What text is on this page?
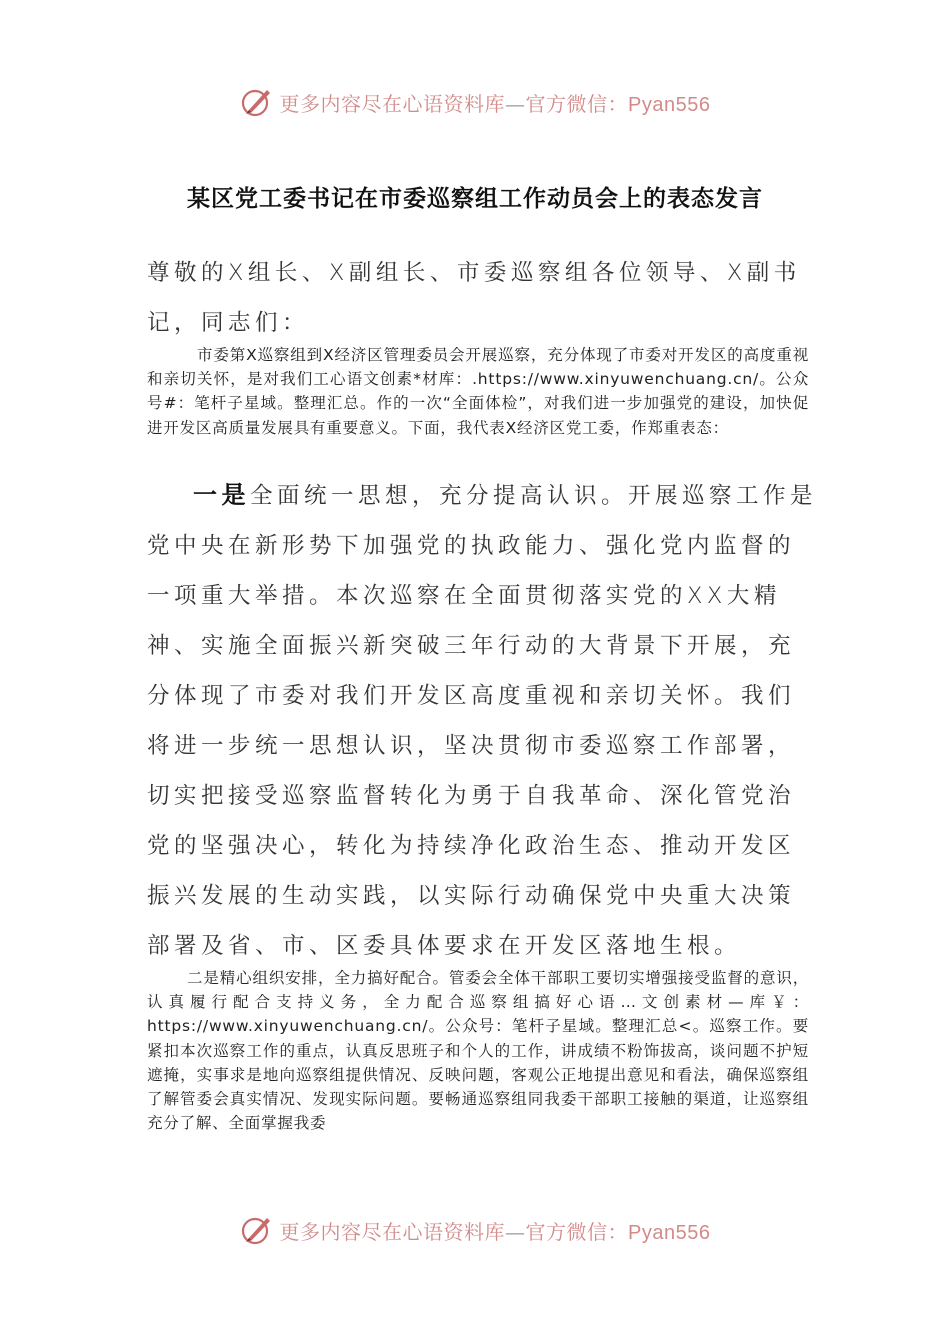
更多内容尽在心语资料库—官方微信：Pyan556
某区党工委书记在市委巡察组工作动员会上的表态发言
尊敬的X组长、X副组长、市委巡察组各位领导、X副书记，同志们：
市委第X巡察组到X经济区管理委员会开展巡察，充分体现了市委对开发区的高度重视和亲切关怀，是对我们工心语文创素*材库：.https://www.xinyuwenchuang.cn/。公众号#：笔杆子星域。整理汇总。作的一次“全面体检”，对我们进一步加强党的建设，加快促进开发区高质量发展具有重要意义。下面，我代表X经济区党工委，作郑重表态：
一是全面统一思想，充分提高认识。开展巡察工作是党中央在新形势下加强党的执政能力、强化党内监督的一项重大举措。本次巡察在全面贯彻落实党的XX大精神、实施全面振兴新突破三年行动的大背景下开展，充分体现了市委对我们开发区高度重视和亲切关怀。我们将进一步统一思想认识，坚决贯彻市委巡察工作部署，切实把接受巡察监督转化为勇于自我革命、深化管党治党的坚强决心，转化为持续净化政治生态、推动开发区振兴发展的生动实践，以实际行动确保党中央重大决策部署及省、市、区委具体要求在开发区落地生根。
二是精心组织安排，全力搞好配合。管委会全体干部职工要切实增强接受监督的意识，认真履行配合支持义务，全力配合巡察组搞好心语…文创素材—库￥：https://www.xinyuwenchuang.cn/。公众号：笔杆子星域。整理汇总<。巡察工作。要紧扣本次巡察工作的重点，认真反思班子和个人的工作，讲成绩不粉饰拔高，谈问题不护短遮掩，实事求是地向巡察组提供情况、反映问题，客观公正地提出意见和看法，确保巡察组了解管委会真实情况、发现实际问题。要畅通巡察组同我委干部职工接触的渠道，让巡察组充分了解、全面掌握我委
更多内容尽在心语资料库—官方微信：Pyan556
